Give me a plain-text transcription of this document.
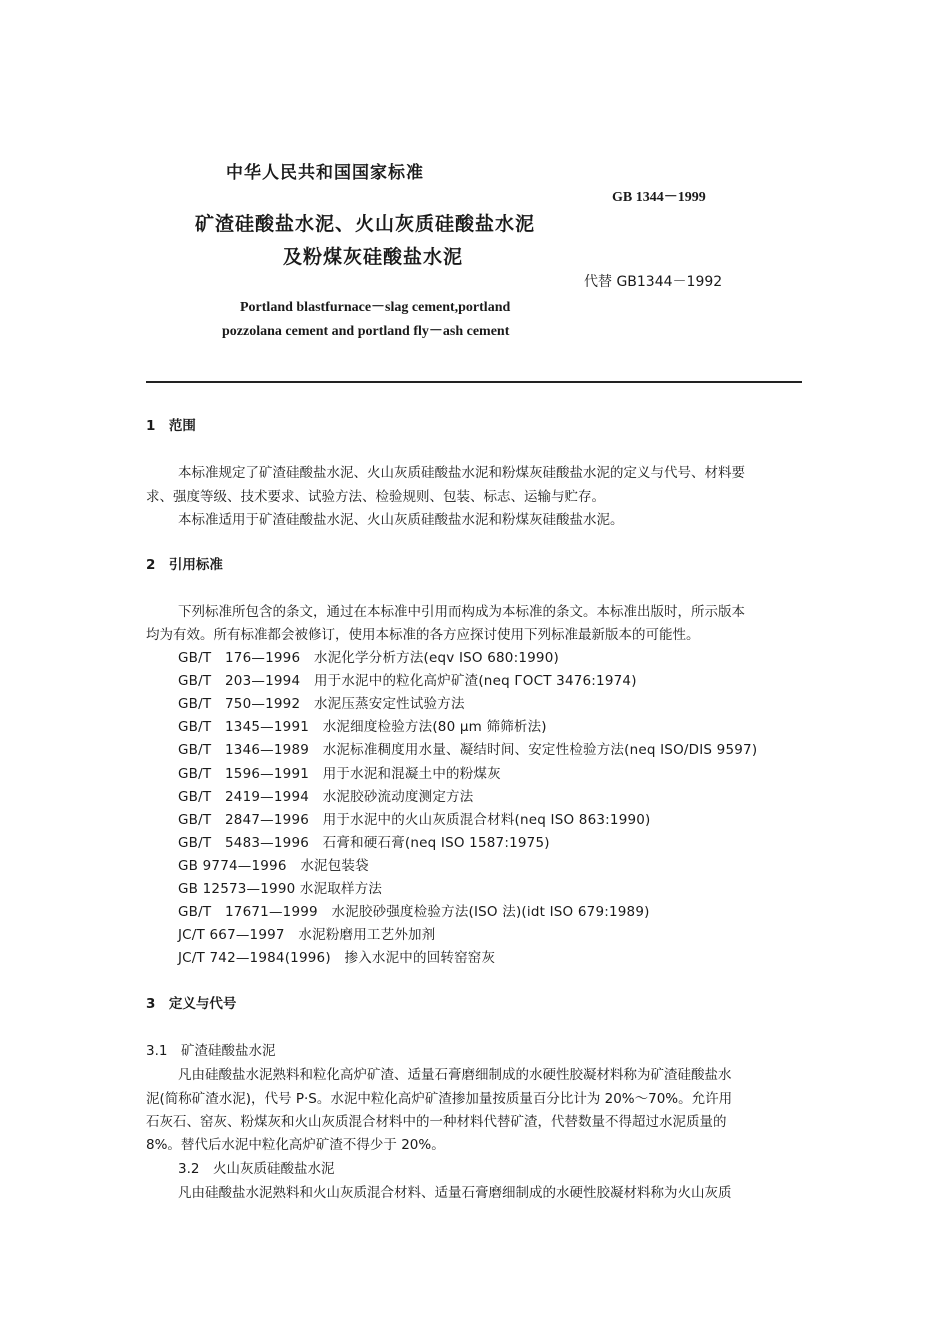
中华人民共和国国家标准
GB 1344－1999
矿渣硅酸盐水泥、火山灰质硅酸盐水泥
及粉煤灰硅酸盐水泥
代替 GB1344－1992
Portland blastfurnace－slag cement,portland
pozzolana cement and portland fly－ash cement
1　范围
本标准规定了矿渣硅酸盐水泥、火山灰质硅酸盐水泥和粉煤灰硅酸盐水泥的定义与代号、材料要
求、强度等级、技术要求、试验方法、检验规则、包装、标志、运输与贮存。
本标准适用于矿渣硅酸盐水泥、火山灰质硅酸盐水泥和粉煤灰硅酸盐水泥。
2　引用标准
下列标准所包含的条文，通过在本标准中引用而构成为本标准的条文。本标准出版时，所示版本
均为有效。所有标准都会被修订，使用本标准的各方应探讨使用下列标准最新版本的可能性。
GB/T　176—1996　水泥化学分析方法(eqv ISO 680:1990)
GB/T　203—1994　用于水泥中的粒化高炉矿渣(neq ГОСТ 3476:1974)
GB/T　750—1992　水泥压蒸安定性试验方法
GB/T　1345—1991　水泥细度检验方法(80 μm 筛筛析法)
GB/T　1346—1989　水泥标准稠度用水量、凝结时间、安定性检验方法(neq ISO/DIS 9597)
GB/T　1596—1991　用于水泥和混凝土中的粉煤灰
GB/T　2419—1994　水泥胶砂流动度测定方法
GB/T　2847—1996　用于水泥中的火山灰质混合材料(neq ISO 863:1990)
GB/T　5483—1996　石膏和硬石膏(neq ISO 1587:1975)
GB 9774—1996　水泥包装袋
GB 12573—1990 水泥取样方法
GB/T　17671—1999　水泥胶砂强度检验方法(ISO 法)(idt ISO 679:1989)
JC/T 667—1997　水泥粉磨用工艺外加剂
JC/T 742—1984(1996)　掺入水泥中的回转窑窑灰
3　定义与代号
3.1　矿渣硅酸盐水泥
凡由硅酸盐水泥熟料和粒化高炉矿渣、适量石膏磨细制成的水硬性胶凝材料称为矿渣硅酸盐水
泥(简称矿渣水泥)，代号 P·S。水泥中粒化高炉矿渣掺加量按质量百分比计为 20%～70%。允许用
石灰石、窑灰、粉煤灰和火山灰质混合材料中的一种材料代替矿渣，代替数量不得超过水泥质量的
8%。替代后水泥中粒化高炉矿渣不得少于 20%。
3.2　火山灰质硅酸盐水泥
凡由硅酸盐水泥熟料和火山灰质混合材料、适量石膏磨细制成的水硬性胶凝材料称为火山灰质
